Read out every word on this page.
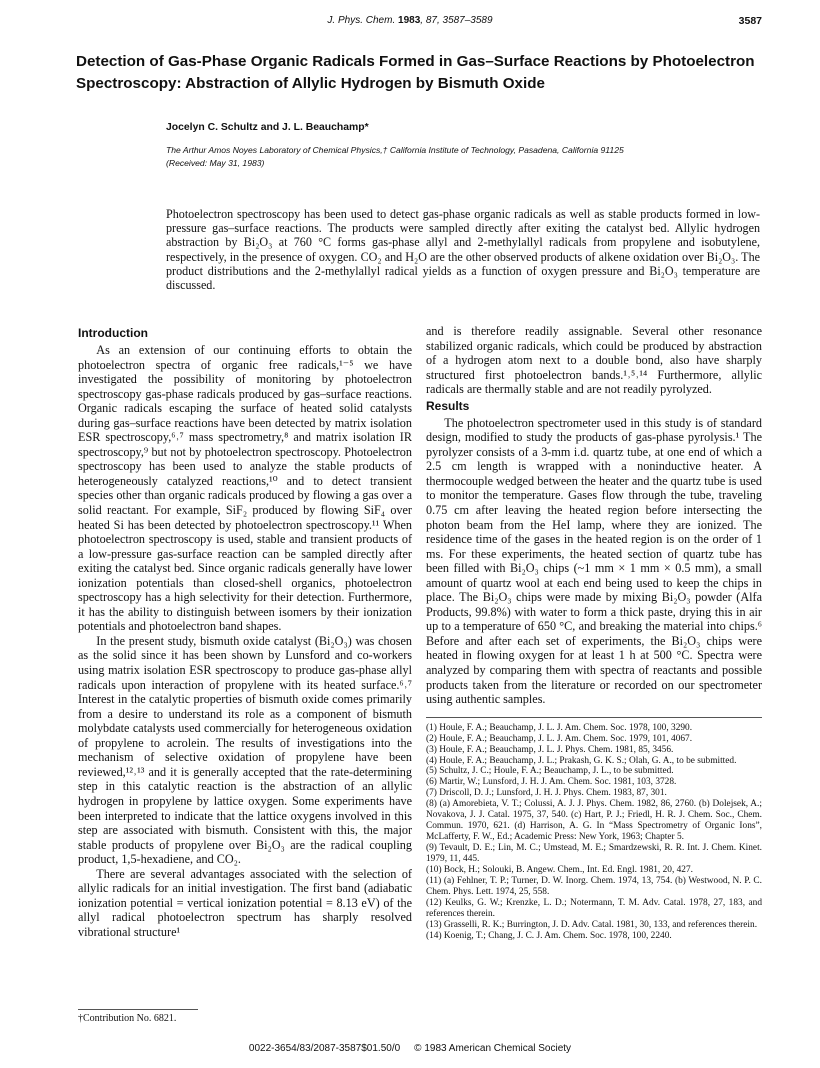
J. Phys. Chem. 1983, 87, 3587–3589	3587
Detection of Gas-Phase Organic Radicals Formed in Gas–Surface Reactions by Photoelectron Spectroscopy: Abstraction of Allylic Hydrogen by Bismuth Oxide
Jocelyn C. Schultz and J. L. Beauchamp*
The Arthur Amos Noyes Laboratory of Chemical Physics,† California Institute of Technology, Pasadena, California 91125
(Received: May 31, 1983)

Photoelectron spectroscopy has been used to detect gas-phase organic radicals as well as stable products formed in low-pressure gas–surface reactions. The products were sampled directly after exiting the catalyst bed. Allylic hydrogen abstraction by Bi₂O₃ at 760 °C forms gas-phase allyl and 2-methylallyl radicals from propylene and isobutylene, respectively, in the presence of oxygen. CO₂ and H₂O are the other observed products of alkene oxidation over Bi₂O₃. The product distributions and the 2-methylallyl radical yields as a function of oxygen pressure and Bi₂O₃ temperature are discussed.

Introduction

As an extension of our continuing efforts to obtain the photoelectron spectra of organic free radicals,¹⁻⁵ we have investigated the possibility of monitoring by photoelectron spectroscopy gas-phase radicals produced by gas–surface reactions. Organic radicals escaping the surface of heated solid catalysts during gas–surface reactions have been detected by matrix isolation ESR spectroscopy,⁶˒⁷ mass spectrometry,⁸ and matrix isolation IR spectroscopy,⁹ but not by photoelectron spectroscopy. Photoelectron spectroscopy has been used to analyze the stable products of heterogeneously catalyzed reactions,¹⁰ and to detect transient species other than organic radicals produced by flowing a gas over a solid reactant. For example, SiF₂ produced by flowing SiF₄ over heated Si has been detected by photoelectron spectroscopy.¹¹ When photoelectron spectroscopy is used, stable and transient products of a low-pressure gas-surface reaction can be sampled directly after exiting the catalyst bed. Since organic radicals generally have lower ionization potentials than closed-shell organics, photoelectron spectroscopy has a high selectivity for their detection. Furthermore, it has the ability to distinguish between isomers by their ionization potentials and photoelectron band shapes.

In the present study, bismuth oxide catalyst (Bi₂O₃) was chosen as the solid since it has been shown by Lunsford and co-workers using matrix isolation ESR spectroscopy to produce gas-phase allyl radicals upon interaction of propylene with its heated surface.⁶˒⁷ Interest in the catalytic properties of bismuth oxide comes primarily from a desire to understand its role as a component of bismuth molybdate catalysts used commercially for heterogeneous oxidation of propylene to acrolein. The results of investigations into the mechanism of selective oxidation of propylene have been reviewed,¹²˒¹³ and it is generally accepted that the rate-determining step in this catalytic reaction is the abstraction of an allylic hydrogen in propylene by lattice oxygen. Some experiments have been interpreted to indicate that the lattice oxygens involved in this step are associated with bismuth. Consistent with this, the major stable products of propylene over Bi₂O₃ are the radical coupling product, 1,5-hexadiene, and CO₂.

There are several advantages associated with the selection of allylic radicals for an initial investigation. The first band (adiabatic ionization potential = vertical ionization potential = 8.13 eV) of the allyl radical photoelectron spectrum has sharply resolved vibrational structure¹

†Contribution No. 6821.

and is therefore readily assignable. Several other resonance stabilized organic radicals, which could be produced by abstraction of a hydrogen atom next to a double bond, also have sharply structured first photoelectron bands.¹˒⁵˒¹⁴ Furthermore, allylic radicals are thermally stable and are not readily pyrolyzed.

Results

The photoelectron spectrometer used in this study is of standard design, modified to study the products of gas-phase pyrolysis.¹ The pyrolyzer consists of a 3-mm i.d. quartz tube, at one end of which a 2.5 cm length is wrapped with a noninductive heater. A thermocouple wedged between the heater and the quartz tube is used to monitor the temperature. Gases flow through the tube, traveling 0.75 cm after leaving the heated region before intersecting the photon beam from the HeI lamp, where they are ionized. The residence time of the gases in the heated region is on the order of 1 ms. For these experiments, the heated section of quartz tube has been filled with Bi₂O₃ chips (~1 mm × 1 mm × 0.5 mm), a small amount of quartz wool at each end being used to keep the chips in place. The Bi₂O₃ chips were made by mixing Bi₂O₃ powder (Alfa Products, 99.8%) with water to form a thick paste, drying this in air up to a temperature of 650 °C, and breaking the material into chips.⁶ Before and after each set of experiments, the Bi₂O₃ chips were heated in flowing oxygen for at least 1 h at 500 °C. Spectra were analyzed by comparing them with spectra of reactants and possible products taken from the literature or recorded on our spectrometer using authentic samples.

(1) Houle, F. A.; Beauchamp, J. L. J. Am. Chem. Soc. 1978, 100, 3290.

(2) Houle, F. A.; Beauchamp, J. L. J. Am. Chem. Soc. 1979, 101, 4067.

(3) Houle, F. A.; Beauchamp, J. L. J. Phys. Chem. 1981, 85, 3456.

(4) Houle, F. A.; Beauchamp, J. L.; Prakash, G. K. S.; Olah, G. A., to be submitted.

(5) Schultz, J. C.; Houle, F. A.; Beauchamp, J. L., to be submitted.

(6) Martir, W.; Lunsford, J. H. J. Am. Chem. Soc. 1981, 103, 3728.

(7) Driscoll, D. J.; Lunsford, J. H. J. Phys. Chem. 1983, 87, 301.

(8) (a) Amorebieta, V. T.; Colussi, A. J. J. Phys. Chem. 1982, 86, 2760. (b) Dolejsek, A.; Novakova, J. J. Catal. 1975, 37, 540. (c) Hart, P. J.; Friedl, H. R. J. Chem. Soc., Chem. Commun. 1970, 621. (d) Harrison, A. G. In “Mass Spectrometry of Organic Ions”, McLafferty, F. W., Ed.; Academic Press: New York, 1963; Chapter 5.

(9) Tevault, D. E.; Lin, M. C.; Umstead, M. E.; Smardzewski, R. R. Int. J. Chem. Kinet. 1979, 11, 445.

(10) Bock, H.; Solouki, B. Angew. Chem., Int. Ed. Engl. 1981, 20, 427.

(11) (a) Fehlner, T. P.; Turner, D. W. Inorg. Chem. 1974, 13, 754. (b) Westwood, N. P. C. Chem. Phys. Lett. 1974, 25, 558.

(12) Keulks, G. W.; Krenzke, L. D.; Notermann, T. M. Adv. Catal. 1978, 27, 183, and references therein.

(13) Grasselli, R. K.; Burrington, J. D. Adv. Catal. 1981, 30, 133, and references therein.

(14) Koenig, T.; Chang, J. C. J. Am. Chem. Soc. 1978, 100, 2240.

0022-3654/83/2087-3587$01.50/0 © 1983 American Chemical Society
